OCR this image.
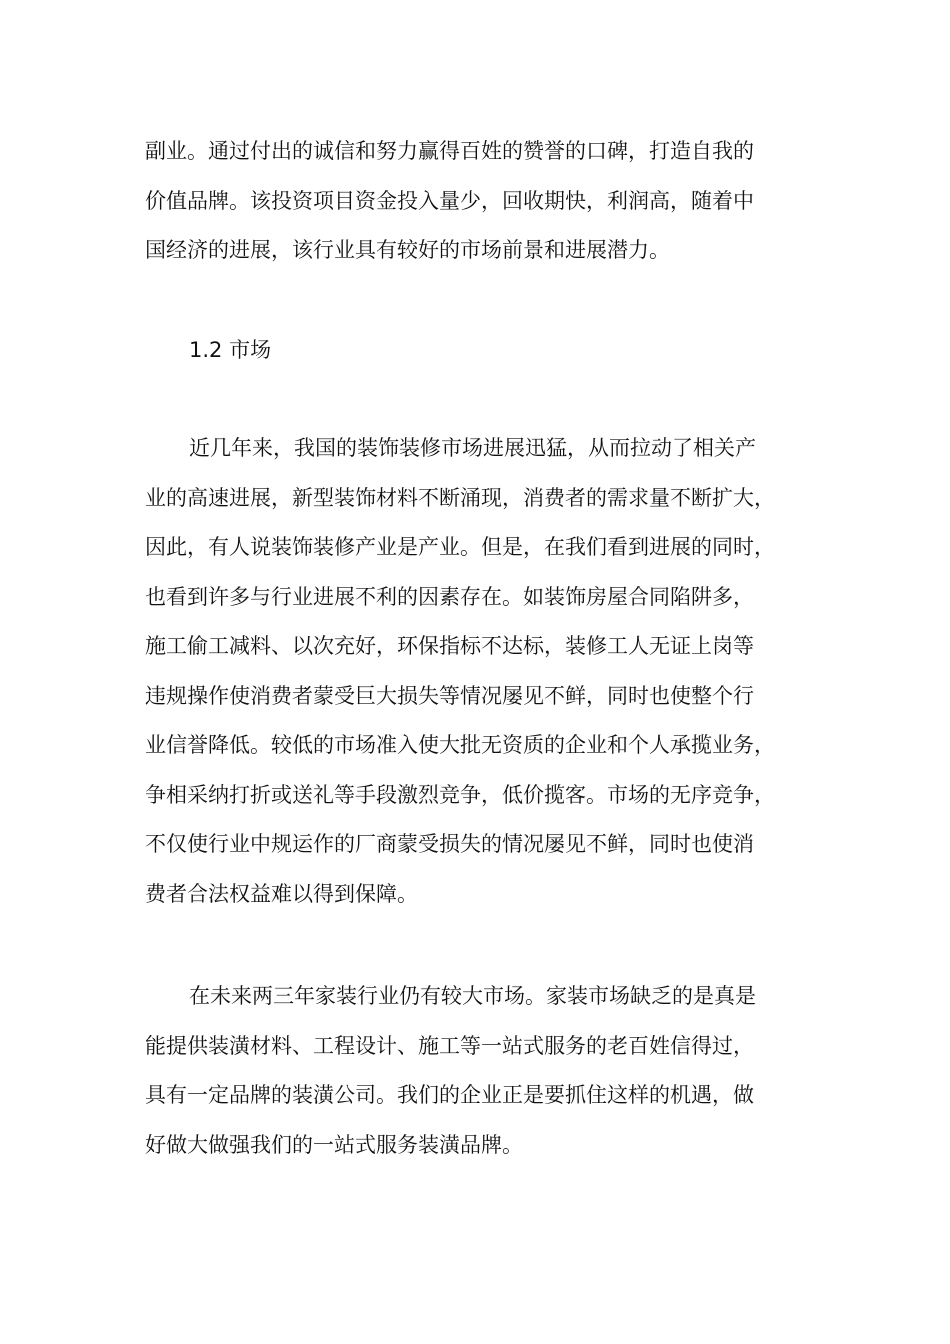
副业。通过付出的诚信和努力赢得百姓的赞誉的口碑，打造自我的
价值品牌。该投资项目资金投入量少，回收期快，利润高，随着中
国经济的进展，该行业具有较好的市场前景和进展潜力。
1.2 市场
近几年来，我国的装饰装修市场进展迅猛，从而拉动了相关产
业的高速进展，新型装饰材料不断涌现，消费者的需求量不断扩大，
因此，有人说装饰装修产业是产业。但是，在我们看到进展的同时，
也看到许多与行业进展不利的因素存在。如装饰房屋合同陷阱多，
施工偷工减料、以次充好，环保指标不达标，装修工人无证上岗等
违规操作使消费者蒙受巨大损失等情况屡见不鲜，同时也使整个行
业信誉降低。较低的市场准入使大批无资质的企业和个人承揽业务，
争相采纳打折或送礼等手段激烈竞争，低价揽客。市场的无序竞争，
不仅使行业中规运作的厂商蒙受损失的情况屡见不鲜，同时也使消
费者合法权益难以得到保障。
在未来两三年家装行业仍有较大市场。家装市场缺乏的是真是
能提供装潢材料、工程设计、施工等一站式服务的老百姓信得过，
具有一定品牌的装潢公司。我们的企业正是要抓住这样的机遇，做
好做大做强我们的一站式服务装潢品牌。
